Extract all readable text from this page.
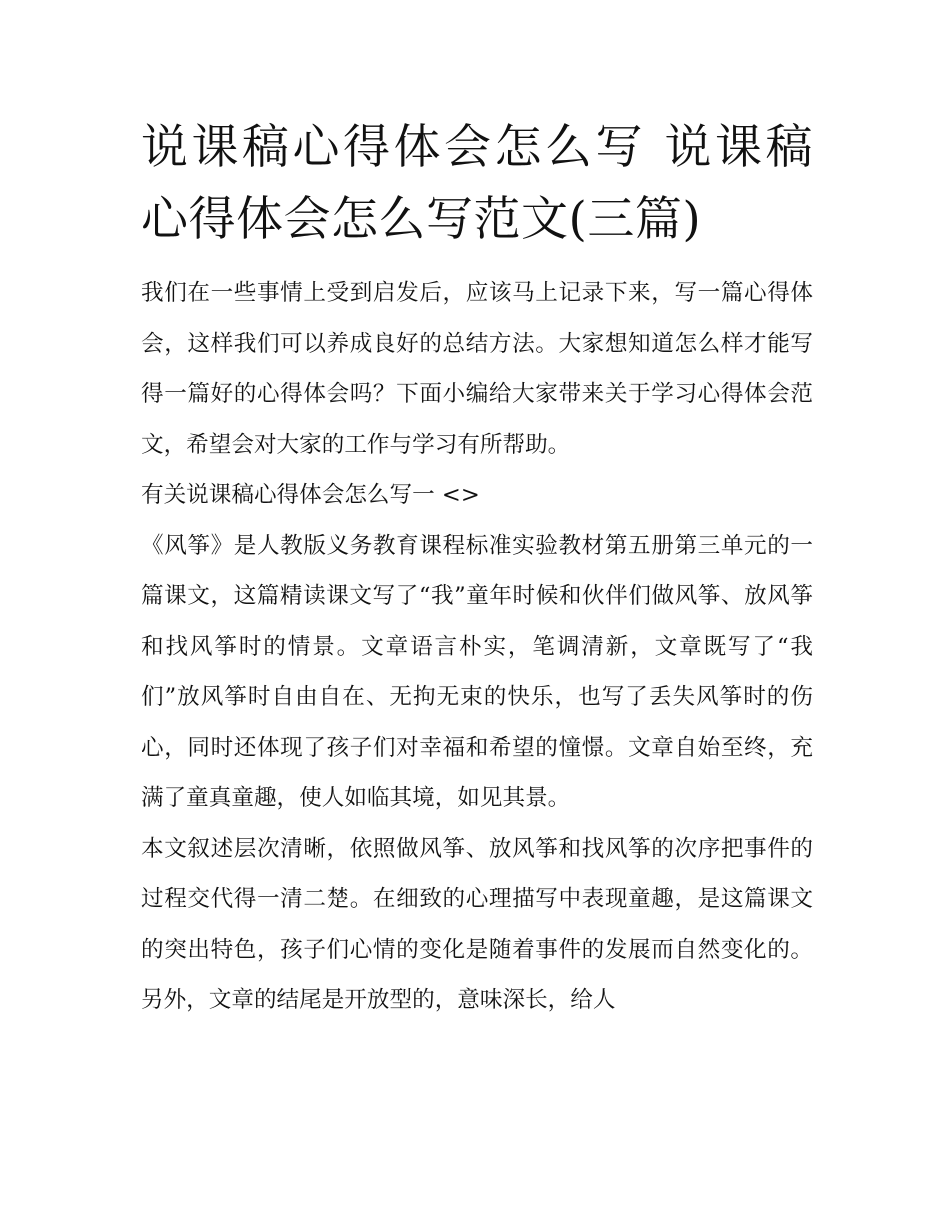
说课稿心得体会怎么写 说课稿心得体会怎么写范文(三篇)

我们在一些事情上受到启发后，应该马上记录下来，写一篇心得体会，这样我们可以养成良好的总结方法。大家想知道怎么样才能写得一篇好的心得体会吗？下面小编给大家带来关于学习心得体会范文，希望会对大家的工作与学习有所帮助。

有关说课稿心得体会怎么写一 <>

《风筝》是人教版义务教育课程标准实验教材第五册第三单元的一篇课文，这篇精读课文写了“我”童年时候和伙伴们做风筝、放风筝和找风筝时的情景。文章语言朴实，笔调清新，文章既写了“我们”放风筝时自由自在、无拘无束的快乐，也写了丢失风筝时的伤心，同时还体现了孩子们对幸福和希望的憧憬。文章自始至终，充满了童真童趣，使人如临其境，如见其景。

本文叙述层次清晰，依照做风筝、放风筝和找风筝的次序把事件的过程交代得一清二楚。在细致的心理描写中表现童趣，是这篇课文的突出特色，孩子们心情的变化是随着事件的发展而自然变化的。另外，文章的结尾是开放型的，意味深长，给人
